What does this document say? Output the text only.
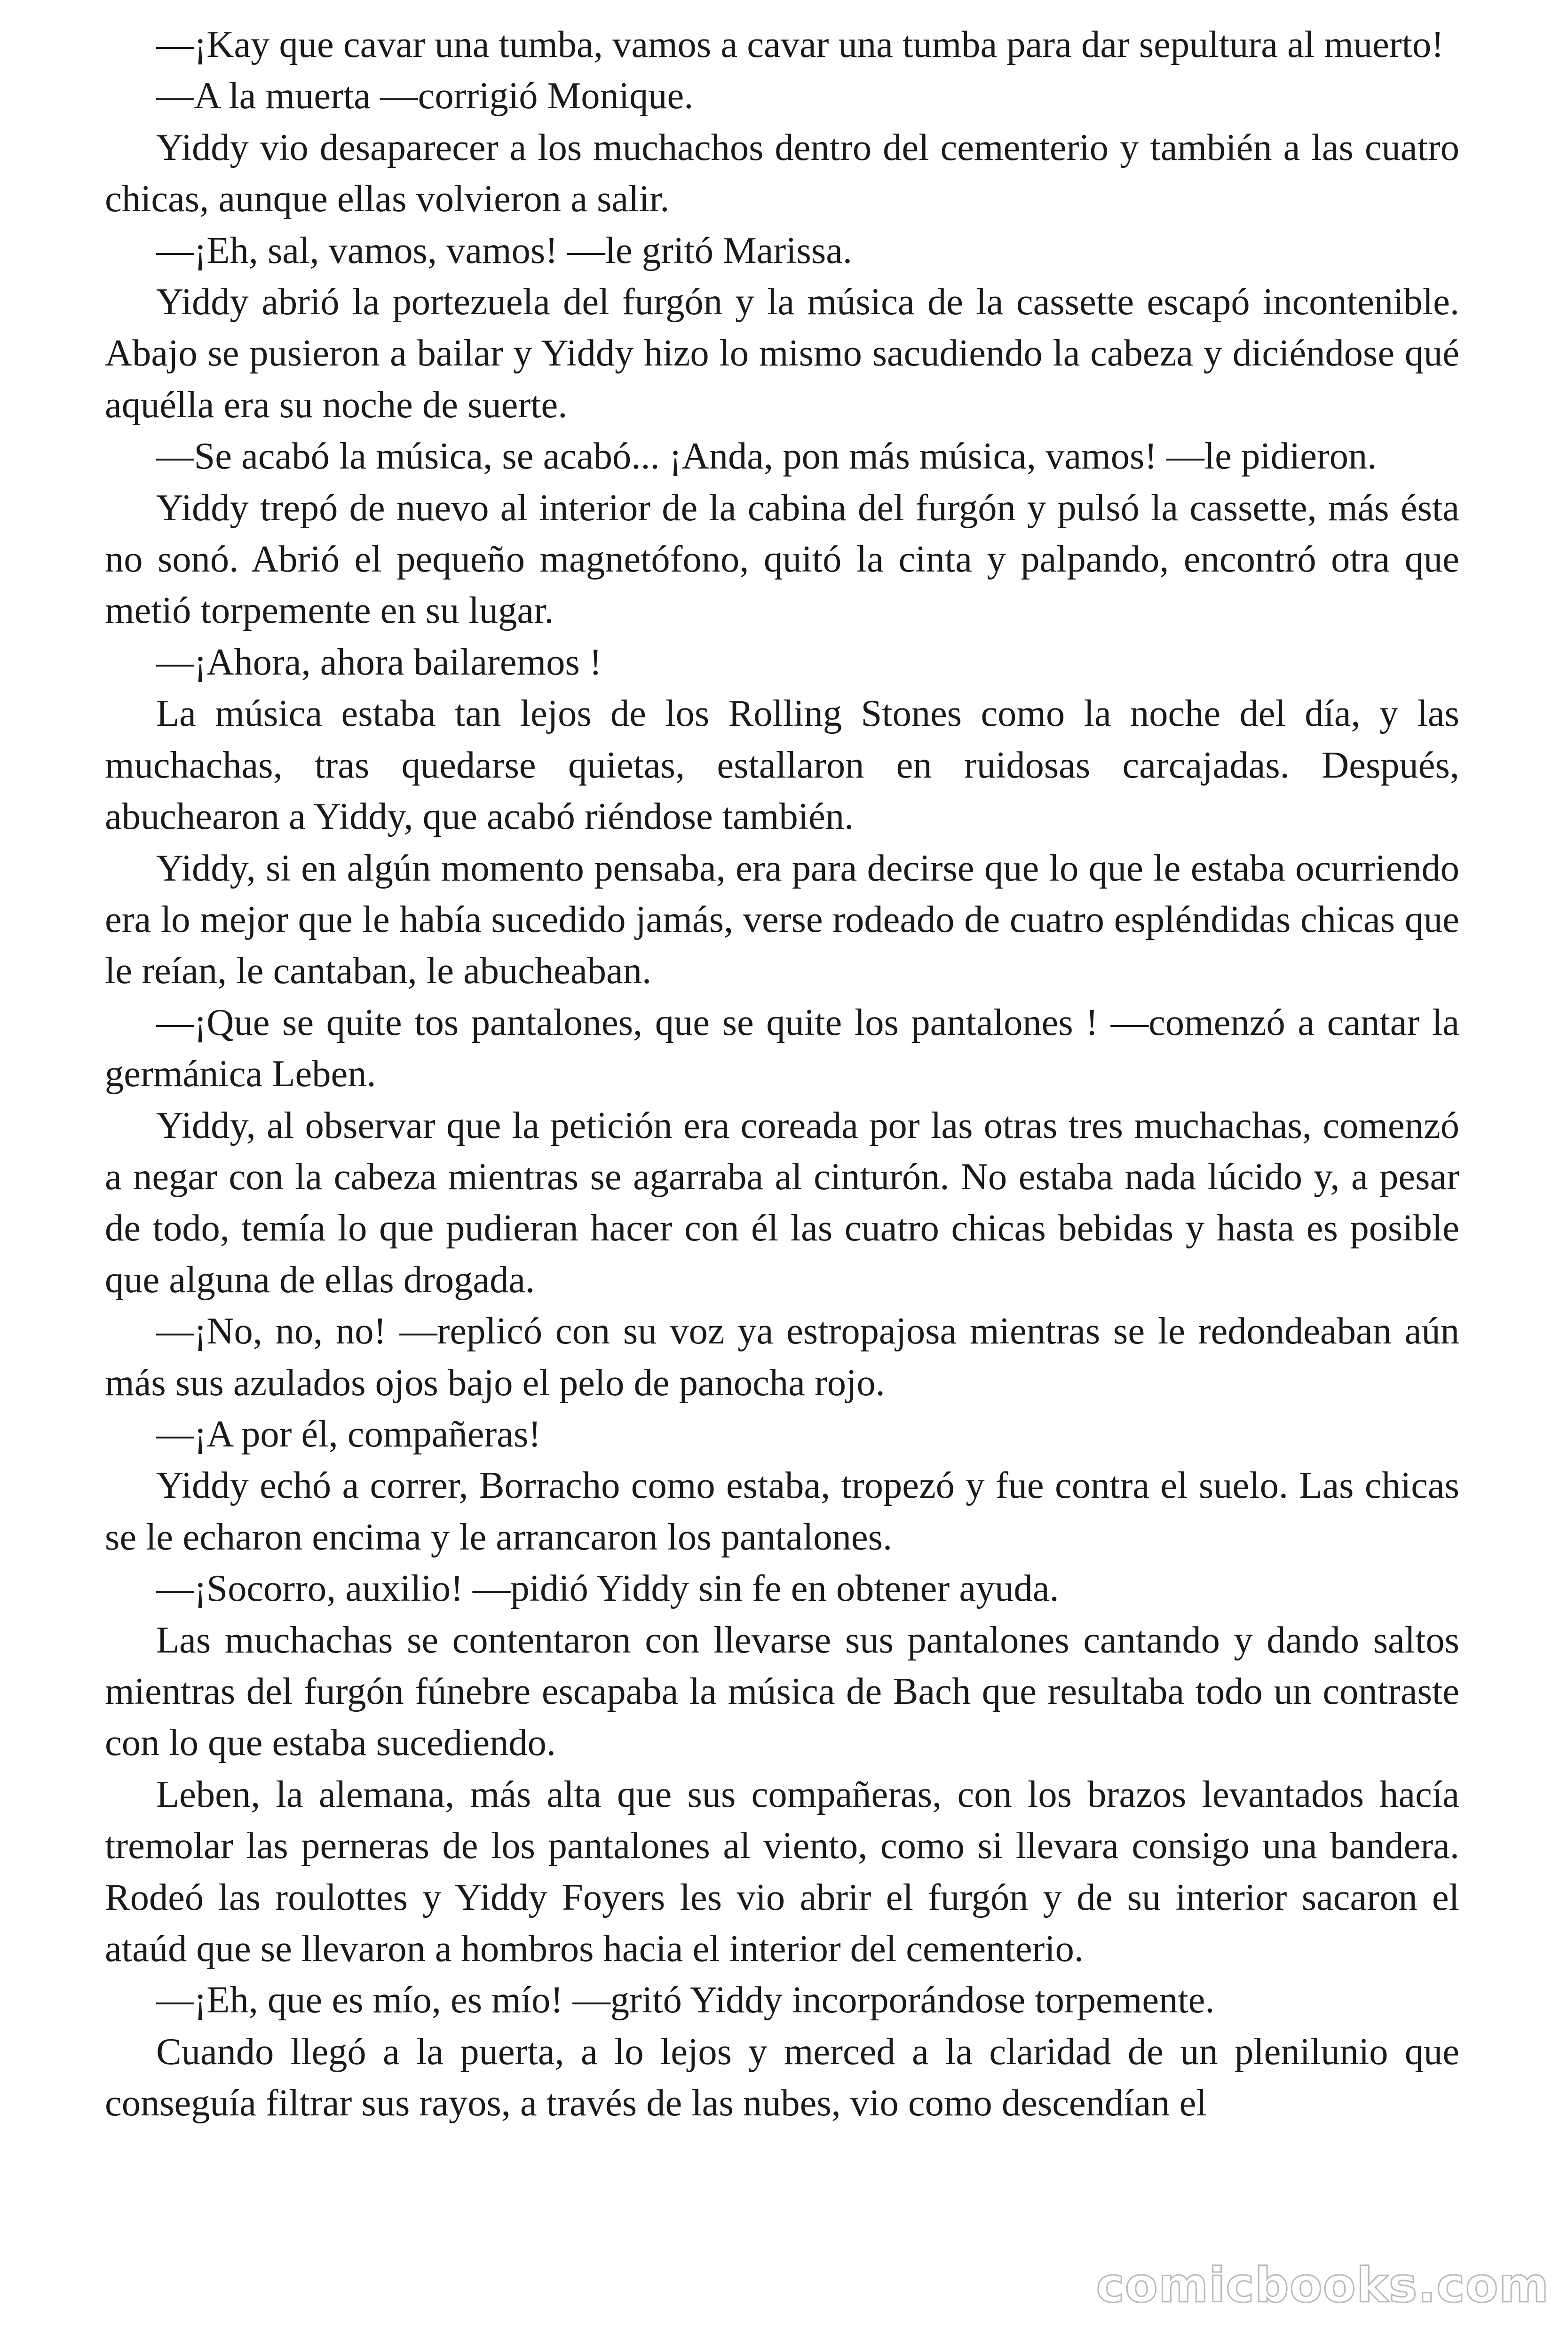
—¡Kay que cavar una tumba, vamos a cavar una tumba para dar sepultura al muerto!

—A la muerta —corrigió Monique.

Yiddy vio desaparecer a los muchachos dentro del cementerio y también a las cuatro chicas, aunque ellas volvieron a salir.

—¡Eh, sal, vamos, vamos! —le gritó Marissa.

Yiddy abrió la portezuela del furgón y la música de la cassette escapó incontenible. Abajo se pusieron a bailar y Yiddy hizo lo mismo sacudiendo la cabeza y diciéndose qué aquélla era su noche de suerte.

—Se acabó la música, se acabó... ¡Anda, pon más música, vamos! —le pidieron.

Yiddy trepó de nuevo al interior de la cabina del furgón y pulsó la cassette, más ésta no sonó. Abrió el pequeño magnetófono, quitó la cinta y palpando, encontró otra que metió torpemente en su lugar.

—¡Ahora, ahora bailaremos !

La música estaba tan lejos de los Rolling Stones como la noche del día, y las muchachas, tras quedarse quietas, estallaron en ruidosas carcajadas. Después, abuchearon a Yiddy, que acabó riéndose también.

Yiddy, si en algún momento pensaba, era para decirse que lo que le estaba ocurriendo era lo mejor que le había sucedido jamás, verse rodeado de cuatro espléndidas chicas que le reían, le cantaban, le abucheaban.

—¡Que se quite tos pantalones, que se quite los pantalones ! —comenzó a cantar la germánica Leben.

Yiddy, al observar que la petición era coreada por las otras tres muchachas, comenzó a negar con la cabeza mientras se agarraba al cinturón. No estaba nada lúcido y, a pesar de todo, temía lo que pudieran hacer con él las cuatro chicas bebidas y hasta es posible que alguna de ellas drogada.

—¡No, no, no! —replicó con su voz ya estropajosa mientras se le redondeaban aún más sus azulados ojos bajo el pelo de panocha rojo.

—¡A por él, compañeras!

Yiddy echó a correr, Borracho como estaba, tropezó y fue contra el suelo. Las chicas se le echaron encima y le arrancaron los pantalones.

—¡Socorro, auxilio! —pidió Yiddy sin fe en obtener ayuda.

Las muchachas se contentaron con llevarse sus pantalones cantando y dando saltos mientras del furgón fúnebre escapaba la música de Bach que resultaba todo un contraste con lo que estaba sucediendo.

Leben, la alemana, más alta que sus compañeras, con los brazos levantados hacía tremolar las perneras de los pantalones al viento, como si llevara consigo una bandera. Rodeó las roulottes y Yiddy Foyers les vio abrir el furgón y de su interior sacaron el ataúd que se llevaron a hombros hacia el interior del cementerio.

—¡Eh, que es mío, es mío! —gritó Yiddy incorporándose torpemente.

Cuando llegó a la puerta, a lo lejos y merced a la claridad de un plenilunio que conseguía filtrar sus rayos, a través de las nubes, vio como descendían el

comicbooks.com
